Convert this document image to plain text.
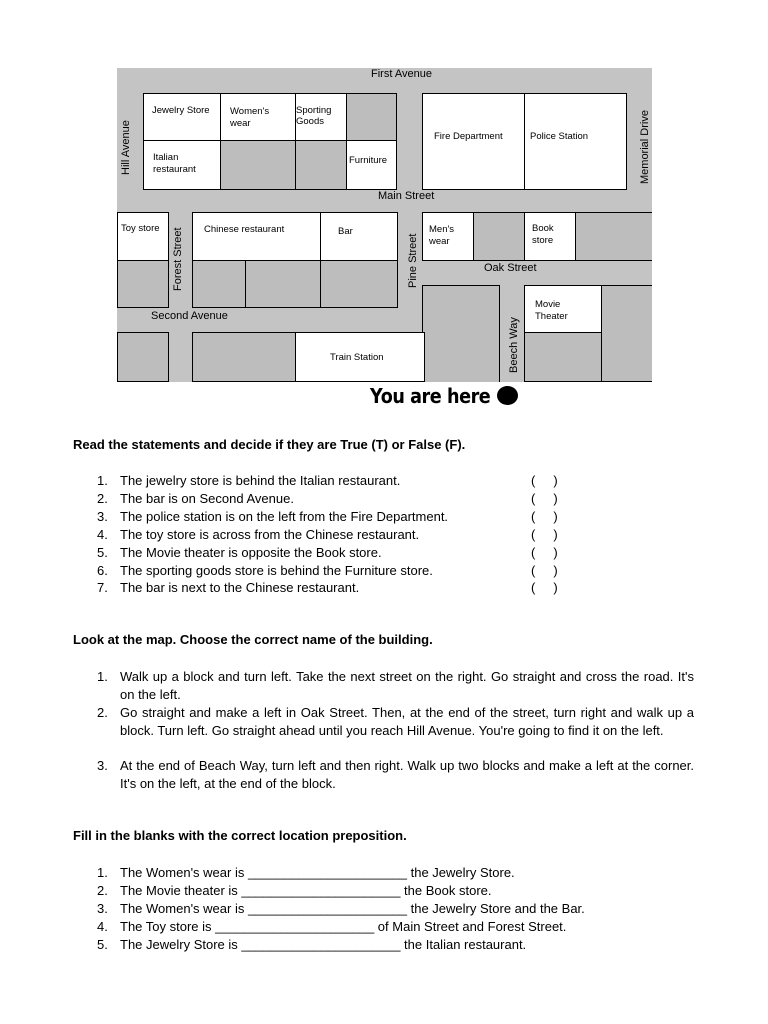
Jewelry Store Women's
wear
Sporting
Goods
Italian
restaurant
Furniture
Fire Department	Police Station
Toy store	Chinese restaurant	Bar	Men's
wear
Book
store
Movie
Theater
Train Station
First Avenue
Main Street
Oak Street
Second Avenue
Hill Avenue	Memorial Drive
Forest Street	Pine Street
Beech Way
You are here
Read the statements and decide if they are True (T) or False (F).
1. The jewelry store is behind the Italian restaurant.	(     )
2. The bar is on Second Avenue.	(     )
3. The police station is on the left from the Fire Department.	(     )
4. The toy store is across from the Chinese restaurant.	(     )
5. The Movie theater is opposite the Book store.	(     )
6. The sporting goods store is behind the Furniture store.	(     )
7. The bar is next to the Chinese restaurant.	(     )
Look at the map. Choose the correct name of the building.
1. Walk up a block and turn left. Take the next street on the right. Go straight and cross the road. It's on the left.
2. Go straight and make a left in Oak Street. Then, at the end of the street, turn right and walk up a block. Turn left. Go straight ahead until you reach Hill Avenue. You're going to find it on the left.
3. At the end of Beach Way, turn left and then right. Walk up two blocks and make a left at the corner. It's on the left, at the end of the block.
Fill in the blanks with the correct location preposition.
1. The Women's wear is ______________________ the Jewelry Store.
2. The Movie theater is ______________________ the Book store.
3. The Women's wear is ______________________ the Jewelry Store and the Bar.
4. The Toy store is ______________________ of Main Street and Forest Street.
5. The Jewelry Store is ______________________ the Italian restaurant.
